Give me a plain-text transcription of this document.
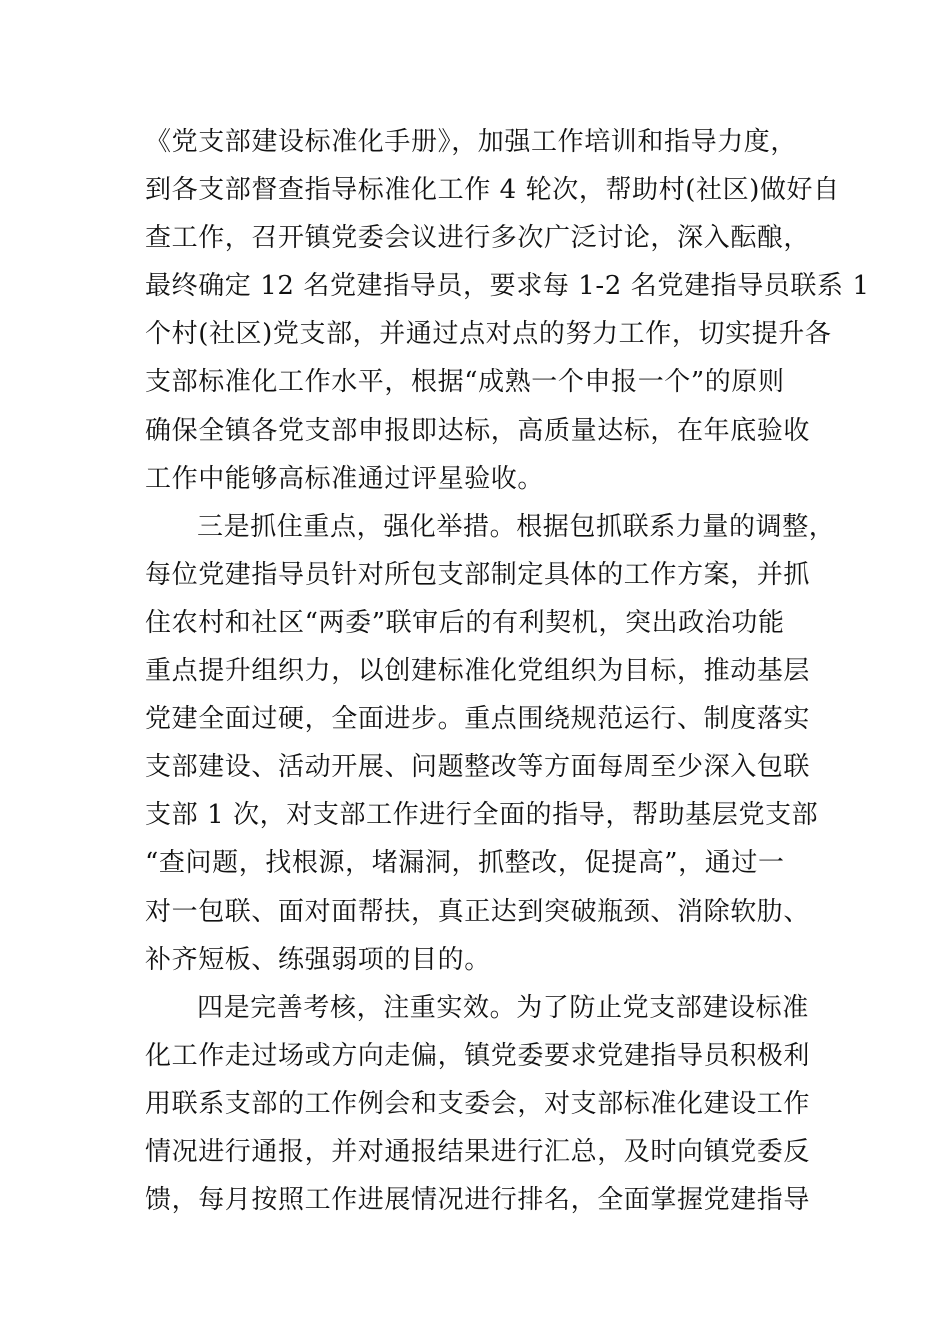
《党支部建设标准化手册》，加强工作培训和指导力度，
到各支部督查指导标准化工作 4 轮次，帮助村(社区)做好自
查工作，召开镇党委会议进行多次广泛讨论，深入酝酿，
最终确定 12 名党建指导员，要求每 1-2 名党建指导员联系 1
个村(社区)党支部，并通过点对点的努力工作，切实提升各
支部标准化工作水平，根据“成熟一个申报一个”的原则
确保全镇各党支部申报即达标，高质量达标，在年底验收
工作中能够高标准通过评星验收。
三是抓住重点，强化举措。根据包抓联系力量的调整，
每位党建指导员针对所包支部制定具体的工作方案，并抓
住农村和社区“两委”联审后的有利契机，突出政治功能
重点提升组织力，以创建标准化党组织为目标，推动基层
党建全面过硬，全面进步。重点围绕规范运行、制度落实
支部建设、活动开展、问题整改等方面每周至少深入包联
支部 1 次，对支部工作进行全面的指导，帮助基层党支部
“查问题，找根源，堵漏洞，抓整改，促提高”，通过一
对一包联、面对面帮扶，真正达到突破瓶颈、消除软肋、
补齐短板、练强弱项的目的。
四是完善考核，注重实效。为了防止党支部建设标准
化工作走过场或方向走偏，镇党委要求党建指导员积极利
用联系支部的工作例会和支委会，对支部标准化建设工作
情况进行通报，并对通报结果进行汇总，及时向镇党委反
馈，每月按照工作进展情况进行排名，全面掌握党建指导
